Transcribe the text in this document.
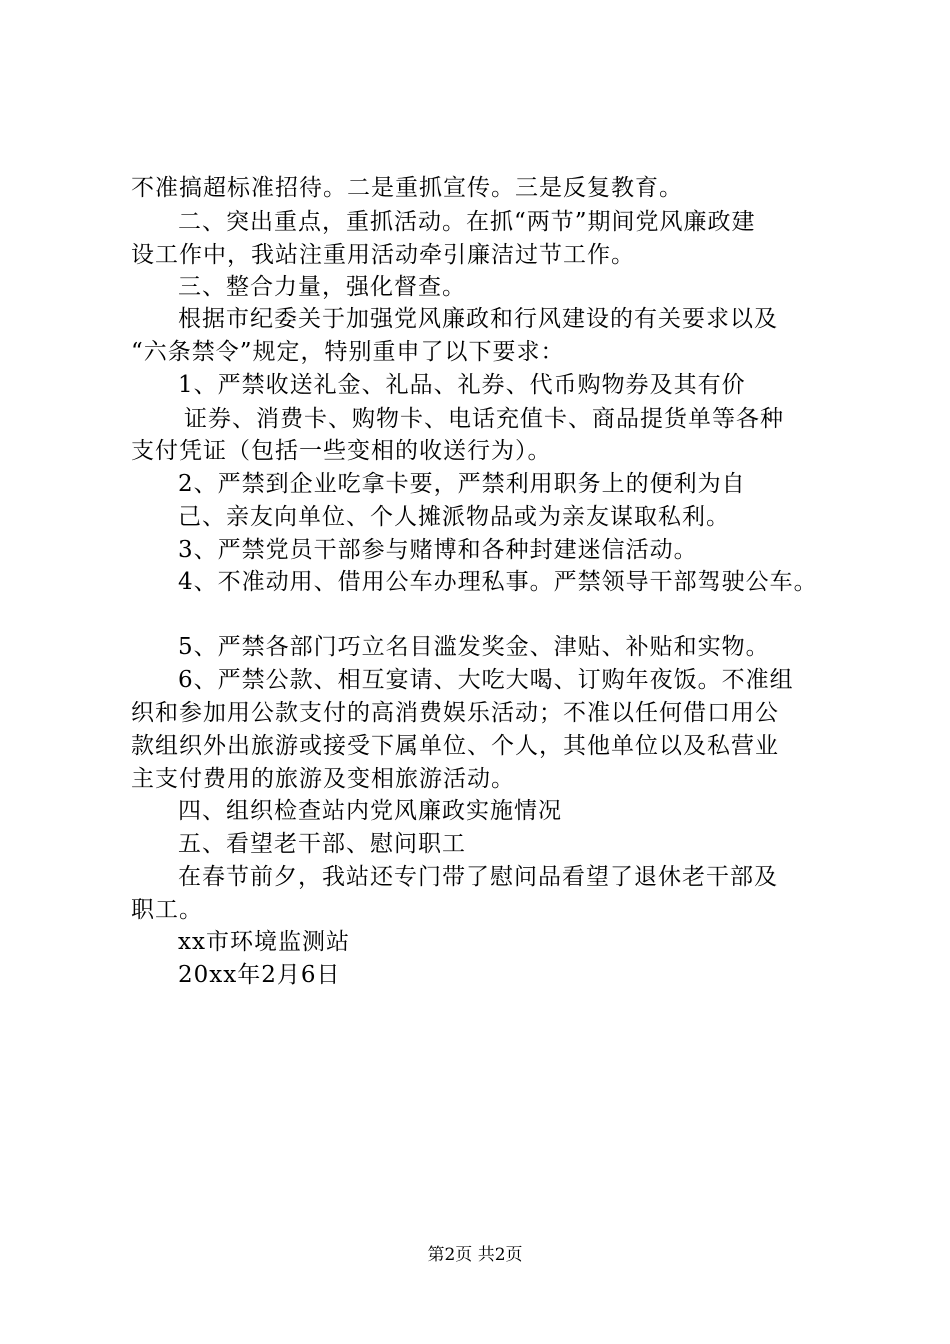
不准搞超标准招待。二是重抓宣传。三是反复教育。
二、突出重点，重抓活动。在抓“两节”期间党风廉政建
设工作中，我站注重用活动牵引廉洁过节工作。
三、整合力量，强化督查。
根据市纪委关于加强党风廉政和行风建设的有关要求以及
“六条禁令”规定，特别重申了以下要求：
1、严禁收送礼金、礼品、礼券、代币购物券及其有价
证券、消费卡、购物卡、电话充值卡、商品提货单等各种
支付凭证（包括一些变相的收送行为）。
2、严禁到企业吃拿卡要，严禁利用职务上的便利为自
己、亲友向单位、个人摊派物品或为亲友谋取私利。
3、严禁党员干部参与赌博和各种封建迷信活动。
4、不准动用、借用公车办理私事。严禁领导干部驾驶公车。
5、严禁各部门巧立名目滥发奖金、津贴、补贴和实物。
6、严禁公款、相互宴请、大吃大喝、订购年夜饭。不准组
织和参加用公款支付的高消费娱乐活动；不准以任何借口用公
款组织外出旅游或接受下属单位、个人，其他单位以及私营业
主支付费用的旅游及变相旅游活动。
四、组织检查站内党风廉政实施情况
五、看望老干部、慰问职工
在春节前夕，我站还专门带了慰问品看望了退休老干部及
职工。
xx市环境监测站
20xx年2月6日
第2页 共2页
